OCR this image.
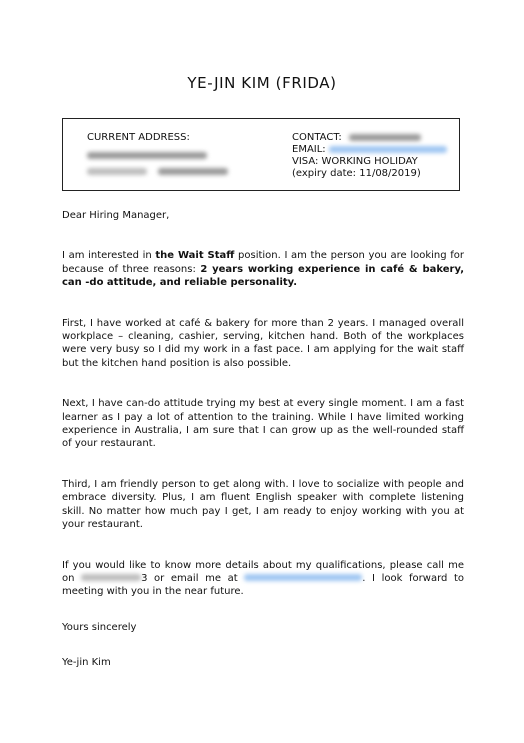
YE-JIN KIM (FRIDA)
CURRENT ADDRESS:
	CONTACT:
EMAIL:
VISA: WORKING HOLIDAY
(expiry date: 11/08/2019)

Dear Hiring Manager,

I am interested in the Wait Staff position. I am the person you are looking for because of three reasons: 2 years working experience in café & bakery, can -do attitude, and reliable personality.

First, I have worked at café & bakery for more than 2 years. I managed overall workplace – cleaning, cashier, serving, kitchen hand. Both of the workplaces were very busy so I did my work in a fast pace. I am applying for the wait staff but the kitchen hand position is also possible.

Next, I have can-do attitude trying my best at every single moment. I am a fast learner as I pay a lot of attention to the training. While I have limited working experience in Australia, I am sure that I can grow up as the well-rounded staff of your restaurant.

Third, I am friendly person to get along with. I love to socialize with people and embrace diversity. Plus, I am fluent English speaker with complete listening skill. No matter how much pay I get, I am ready to enjoy working with you at your restaurant.

If you would like to know more details about my qualifications, please call me on	3 or email me at	. I look forward to meeting with you in the near future.

Yours sincerely

Ye-jin Kim
